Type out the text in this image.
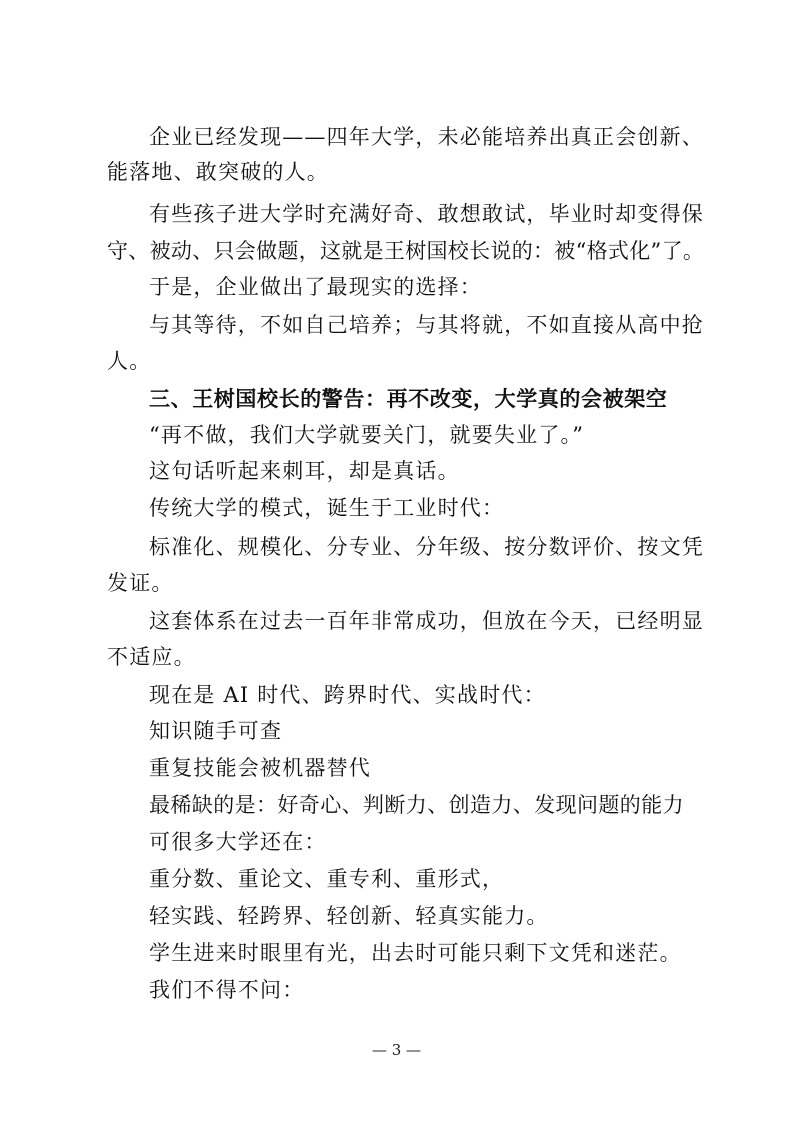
企业已经发现——四年大学，未必能培养出真正会创新、
能落地、敢突破的人。
有些孩子进大学时充满好奇、敢想敢试，毕业时却变得保
守、被动、只会做题，这就是王树国校长说的：被“格式化”了。
于是，企业做出了最现实的选择：
与其等待，不如自己培养；与其将就，不如直接从高中抢
人。
三、王树国校长的警告：再不改变，大学真的会被架空
“再不做，我们大学就要关门，就要失业了。”
这句话听起来刺耳，却是真话。
传统大学的模式，诞生于工业时代：
标准化、规模化、分专业、分年级、按分数评价、按文凭
发证。
这套体系在过去一百年非常成功，但放在今天，已经明显
不适应。
现在是 AI 时代、跨界时代、实战时代：
知识随手可查
重复技能会被机器替代
最稀缺的是：好奇心、判断力、创造力、发现问题的能力
可很多大学还在：
重分数、重论文、重专利、重形式，
轻实践、轻跨界、轻创新、轻真实能力。
学生进来时眼里有光，出去时可能只剩下文凭和迷茫。
我们不得不问：
— 3 —
